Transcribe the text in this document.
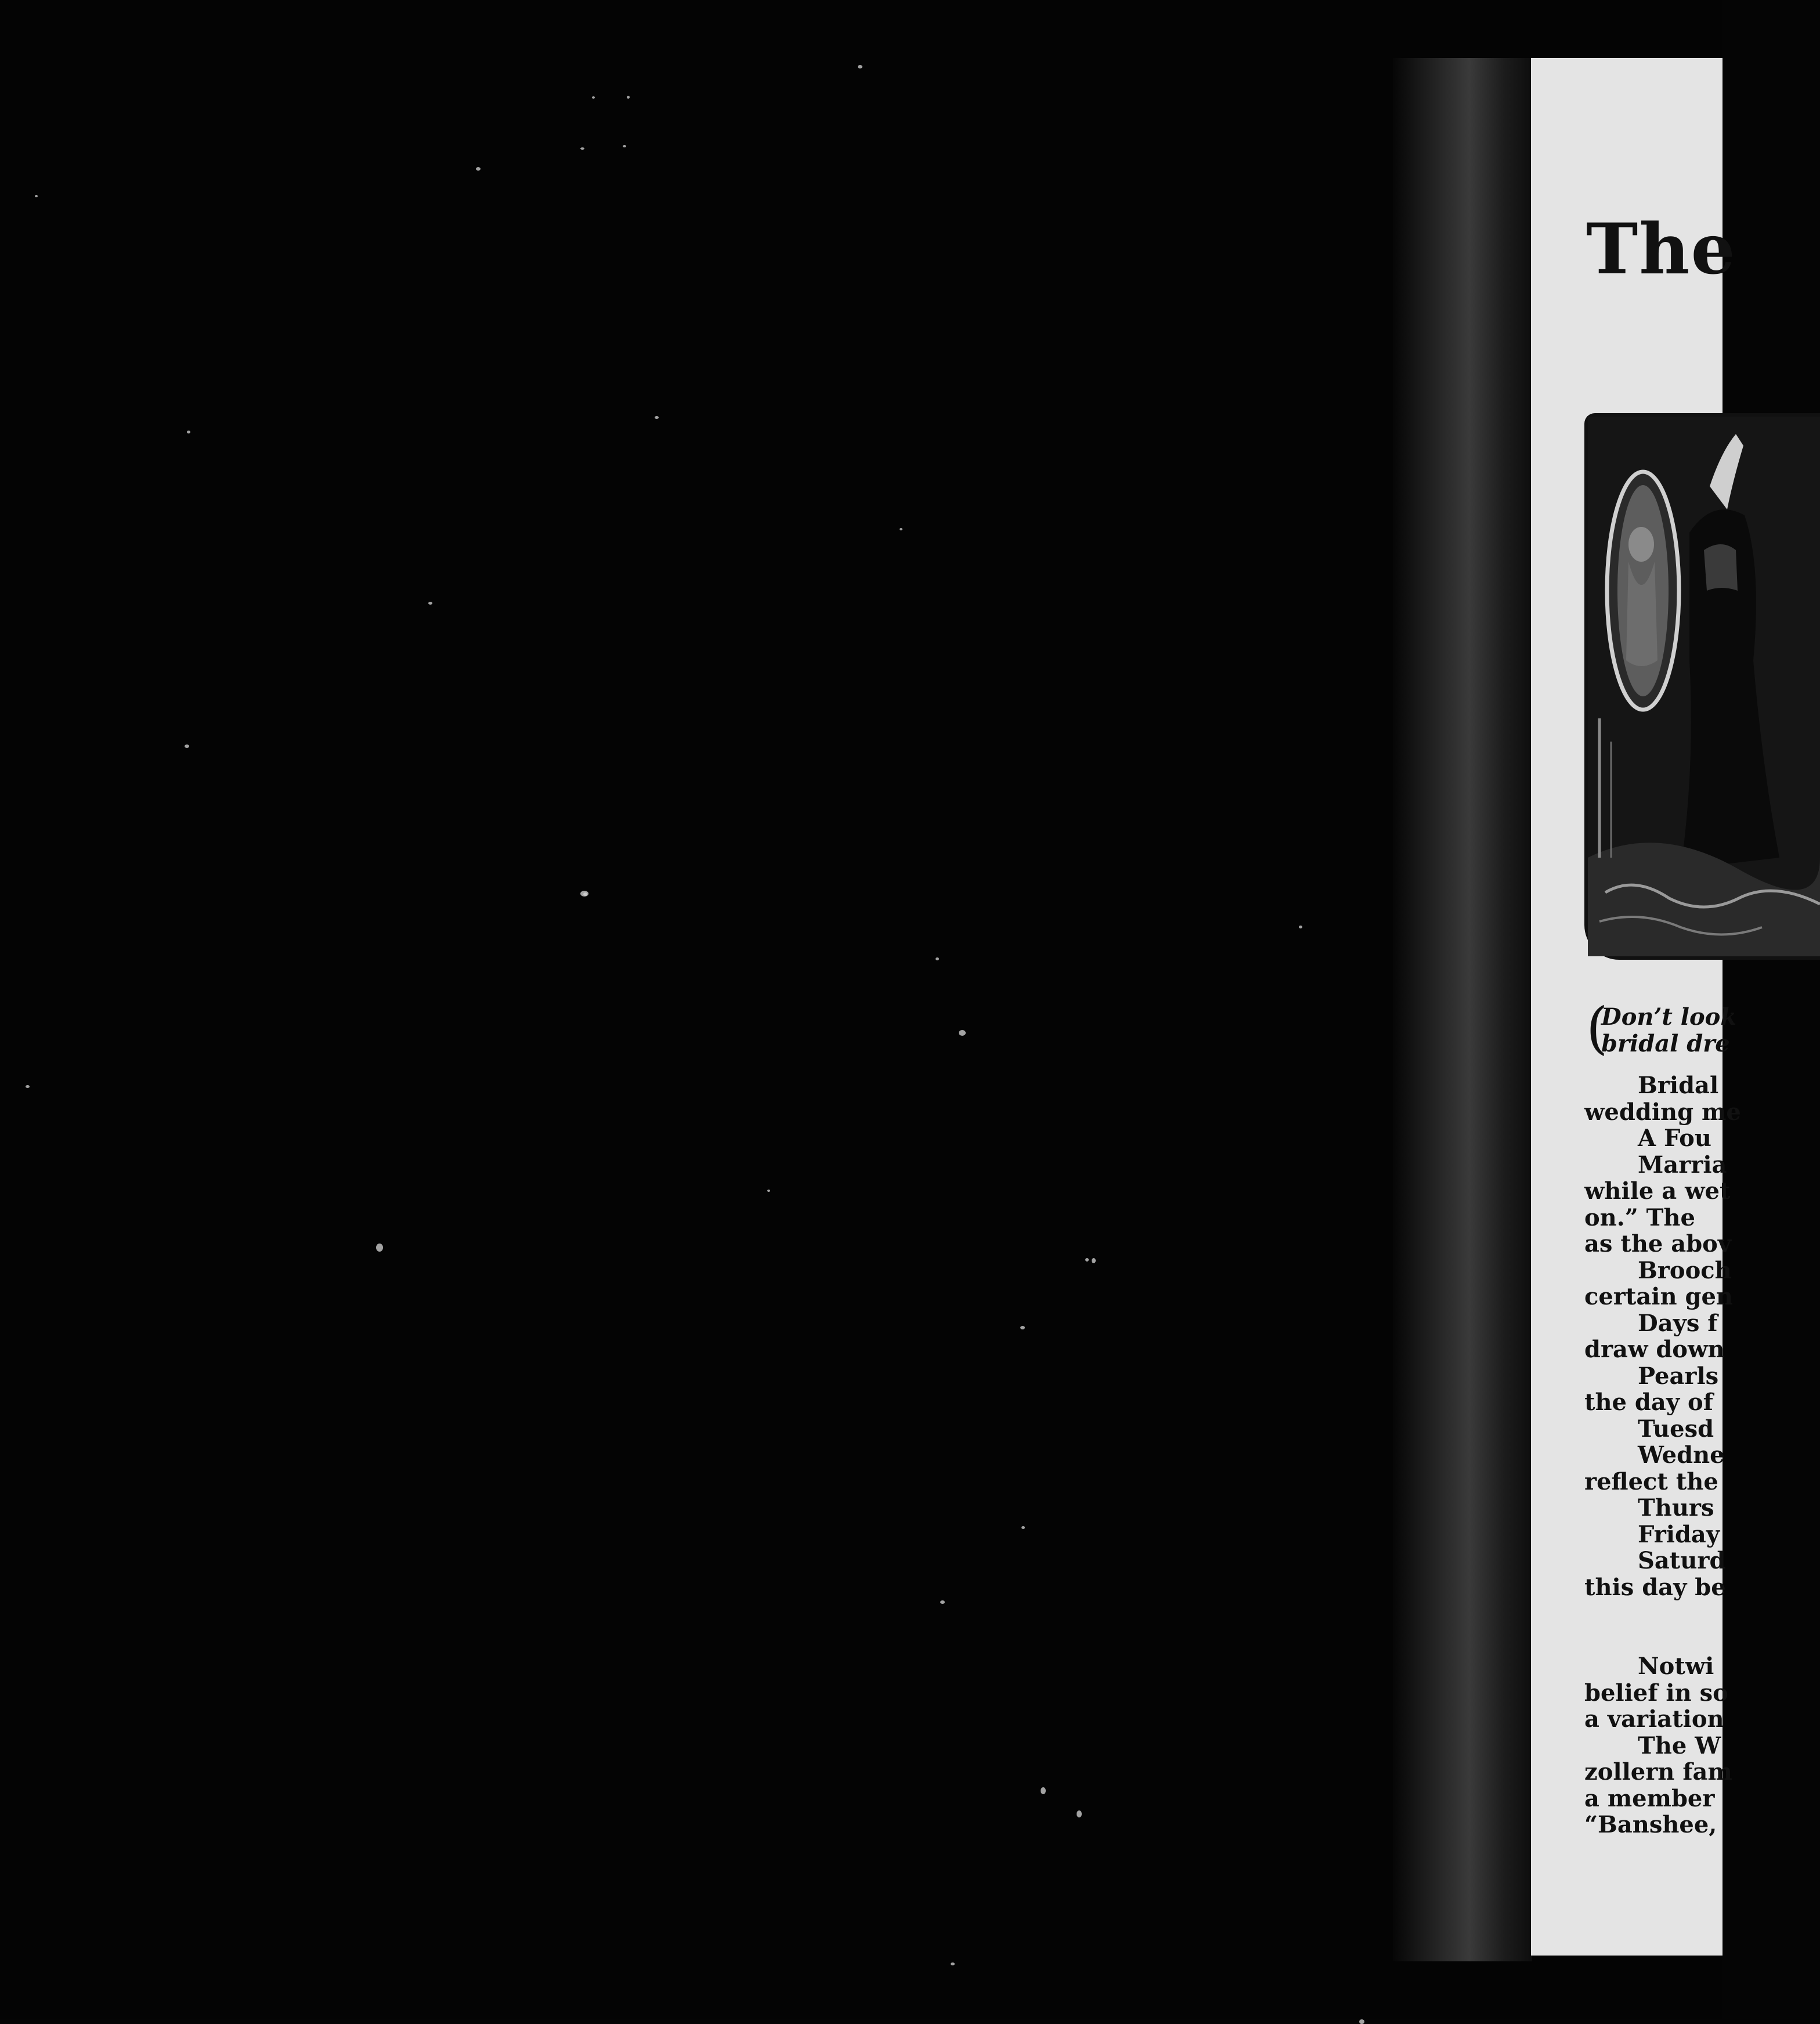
The
(
Don’t look
bridal dre
Bridal
wedding me
A Fou
Marria
while a wet
on.” The
as the abov
Brooch
certain gen
Days f
draw down
Pearls
the day of
Tuesd
Wedne
reflect the
Thurs
Friday
Saturd
this day be
Notwi
belief in so
a variation
The W
zollern fam
a member
“Banshee,
